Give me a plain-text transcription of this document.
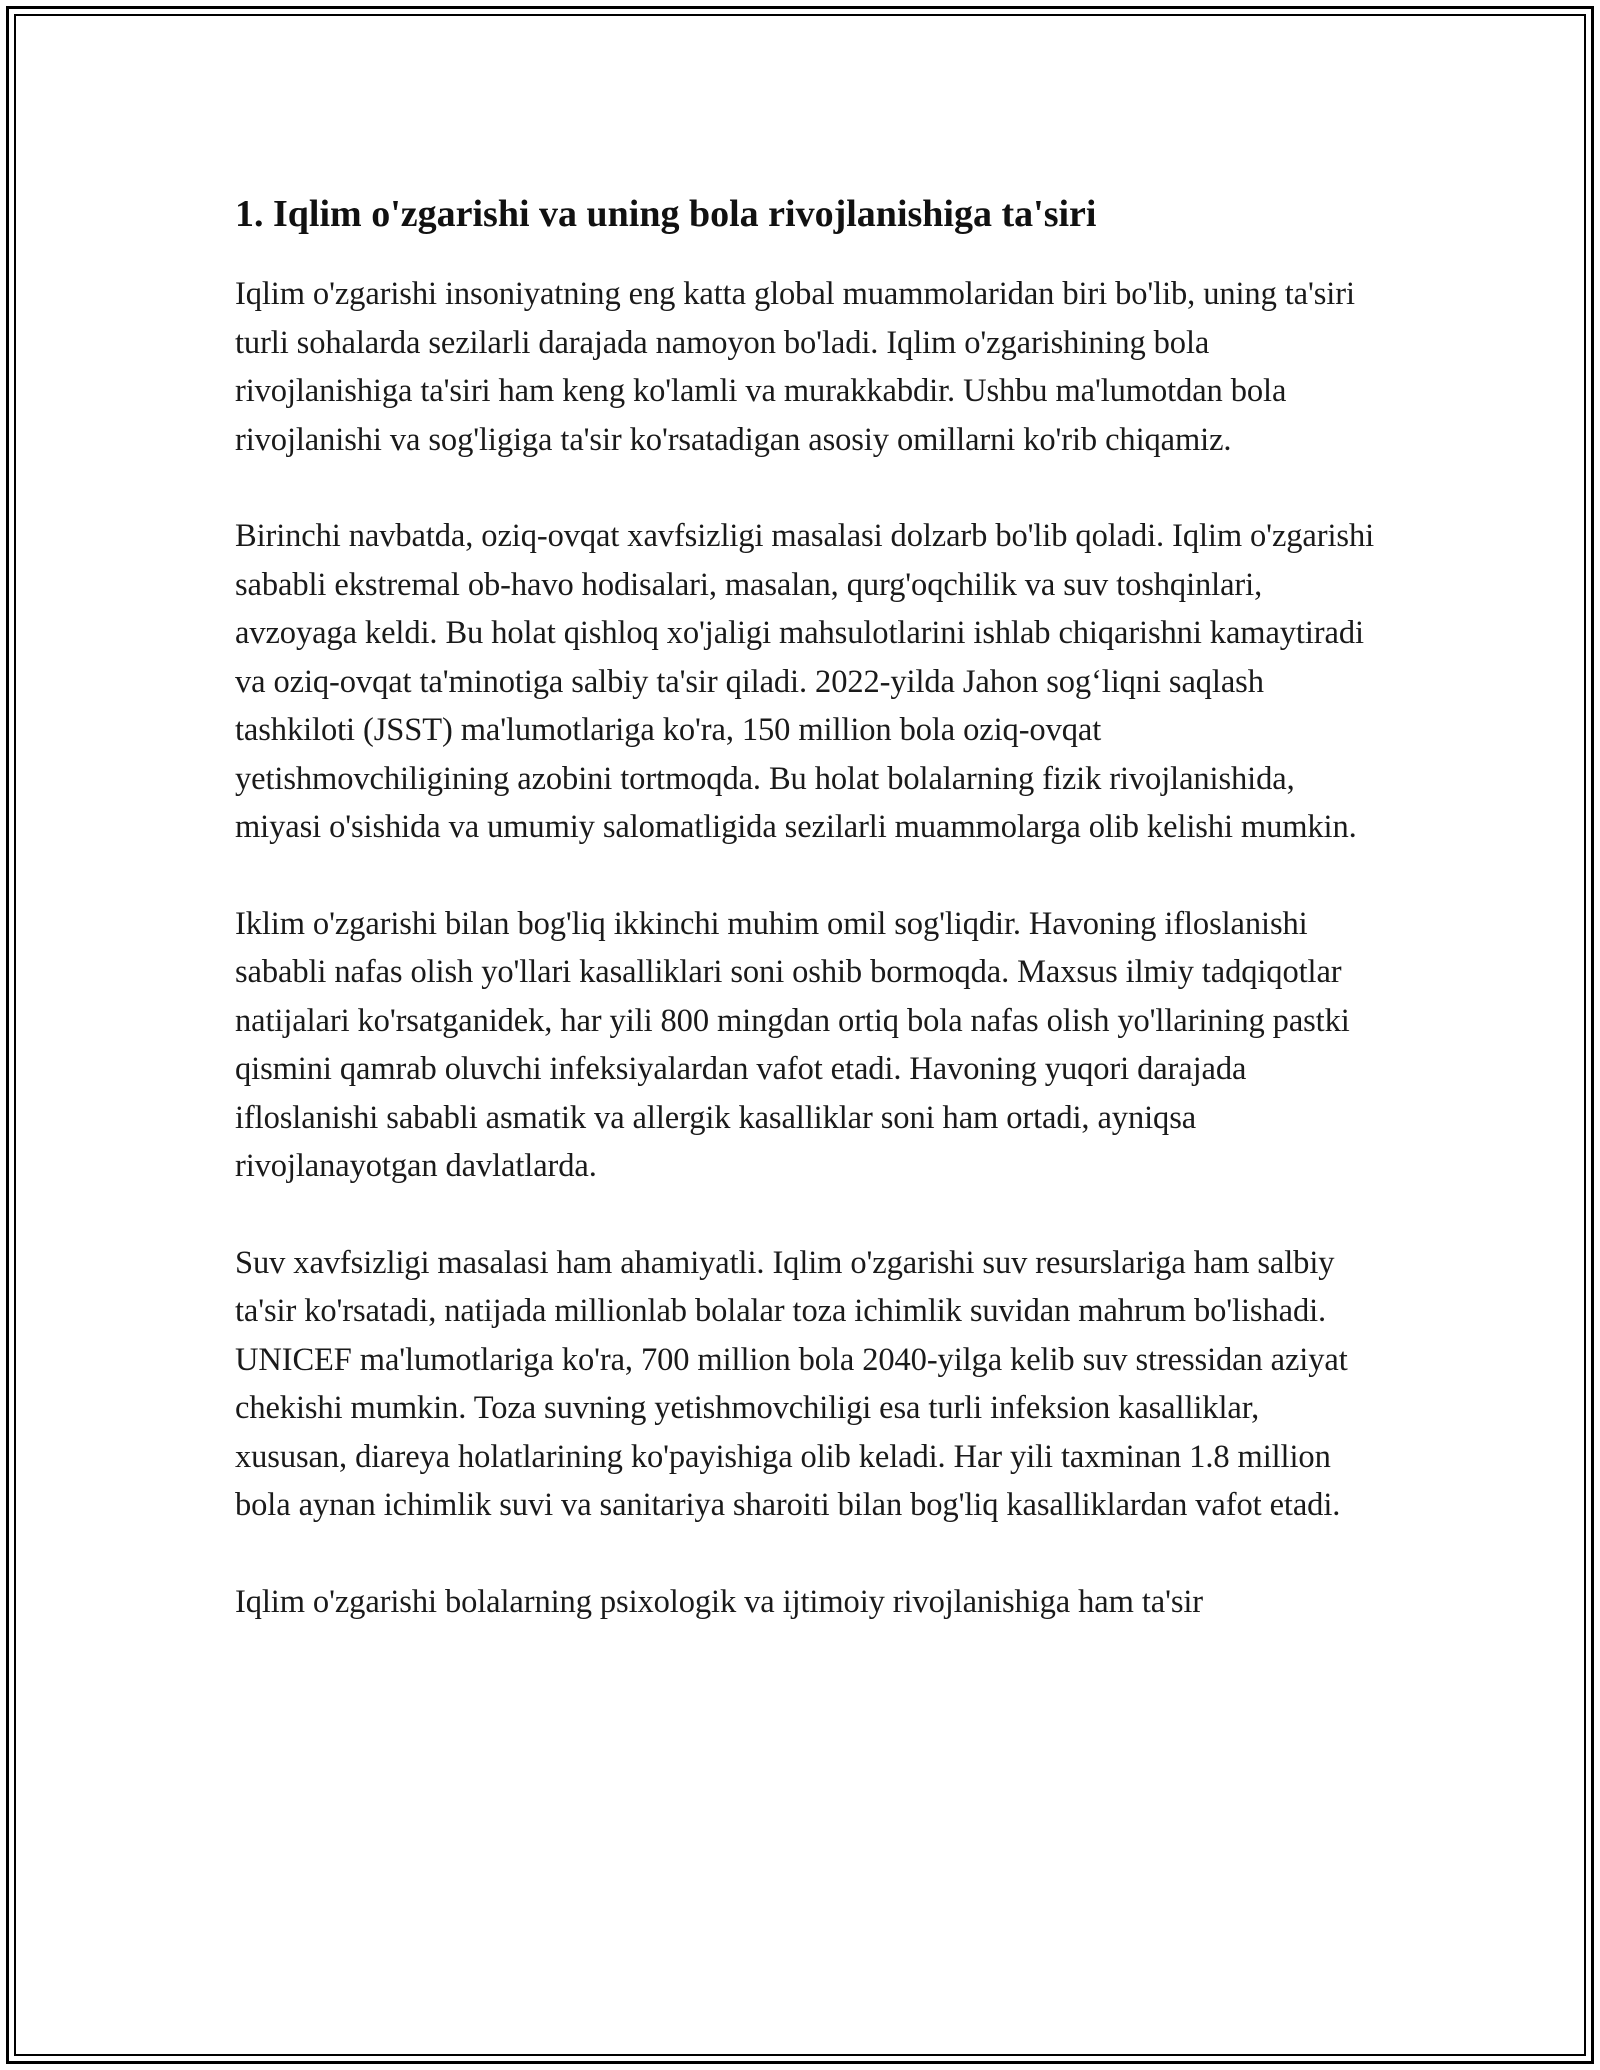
1. Iqlim o'zgarishi va uning bola rivojlanishiga ta'siri

Iqlim o'zgarishi insoniyatning eng katta global muammolaridan biri bo'lib, uning ta'siri turli sohalarda sezilarli darajada namoyon bo'ladi. Iqlim o'zgarishining bola rivojlanishiga ta'siri ham keng ko'lamli va murakkabdir. Ushbu ma'lumotdan bola rivojlanishi va sog'ligiga ta'sir ko'rsatadigan asosiy omillarni ko'rib chiqamiz.

Birinchi navbatda, oziq-ovqat xavfsizligi masalasi dolzarb bo'lib qoladi. Iqlim o'zgarishi sababli ekstremal ob-havo hodisalari, masalan, qurg'oqchilik va suv toshqinlari, avzoyaga keldi. Bu holat qishloq xo'jaligi mahsulotlarini ishlab chiqarishni kamaytiradi va oziq-ovqat ta'minotiga salbiy ta'sir qiladi. 2022-yilda Jahon sog‘liqni saqlash tashkiloti (JSST) ma'lumotlariga ko'ra, 150 million bola oziq-ovqat yetishmovchiligining azobini tortmoqda. Bu holat bolalarning fizik rivojlanishida, miyasi o'sishida va umumiy salomatligida sezilarli muammolarga olib kelishi mumkin.

Iklim o'zgarishi bilan bog'liq ikkinchi muhim omil sog'liqdir. Havoning ifloslanishi sababli nafas olish yo'llari kasalliklari soni oshib bormoqda. Maxsus ilmiy tadqiqotlar natijalari ko'rsatganidek, har yili 800 mingdan ortiq bola nafas olish yo'llarining pastki qismini qamrab oluvchi infeksiyalardan vafot etadi. Havoning yuqori darajada ifloslanishi sababli asmatik va allergik kasalliklar soni ham ortadi, ayniqsa rivojlanayotgan davlatlarda.

Suv xavfsizligi masalasi ham ahamiyatli. Iqlim o'zgarishi suv resurslariga ham salbiy ta'sir ko'rsatadi, natijada millionlab bolalar toza ichimlik suvidan mahrum bo'lishadi. UNICEF ma'lumotlariga ko'ra, 700 million bola 2040-yilga kelib suv stressidan aziyat chekishi mumkin. Toza suvning yetishmovchiligi esa turli infeksion kasalliklar, xususan, diareya holatlarining ko'payishiga olib keladi. Har yili taxminan 1.8 million bola aynan ichimlik suvi va sanitariya sharoiti bilan bog'liq kasalliklardan vafot etadi.

Iqlim o'zgarishi bolalarning psixologik va ijtimoiy rivojlanishiga ham ta'sir
